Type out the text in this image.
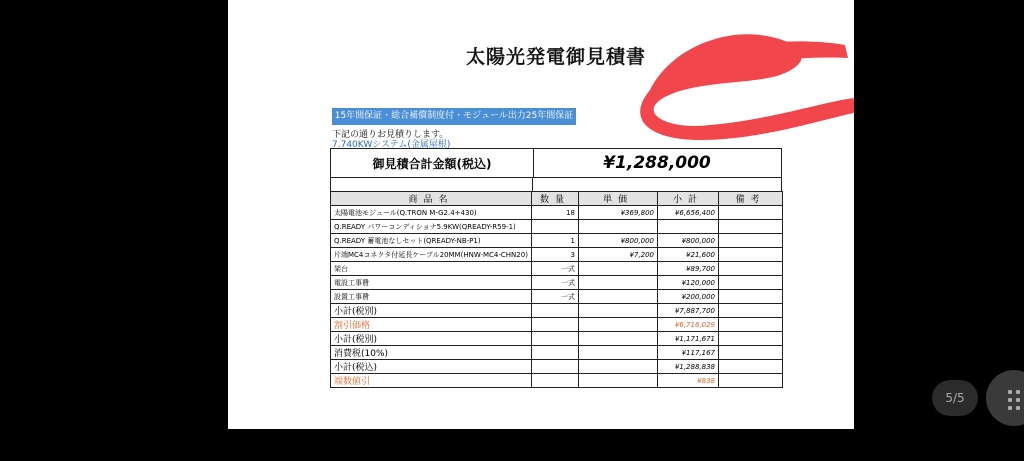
太陽光発電御見積書
15年間保証・総合補償制度付・モジュール出力25年間保証
下記の通りお見積りします。
7.740KWシステム(金属屋根)
御見積合計金額(税込)	¥1,288,000
商品名	数量	単価	小計	備考
太陽電池モジュール(Q.TRON M-G2.4+430)	18	¥369,800	¥6,656,400	
Q.READY パワーコンディショナ5.9KW(QREADY-R59-1)				
Q.READY 蓄電池なしセット(QREADY-NB-P1)	1	¥800,000	¥800,000	
片端MC4コネクタ付延長ケーブル20MM(HNW-MC4-CHN20)	3	¥7,200	¥21,600	
架台	一式		¥89,700	
電設工事費	一式		¥120,000	
設置工事費	一式		¥200,000	
小計(税別)			¥7,887,700	
割引価格			¥6,716,029	
小計(税別)			¥1,171,671	
消費税(10%)			¥117,167	
小計(税込)			¥1,288,838	
端数値引			¥838	
5/5
